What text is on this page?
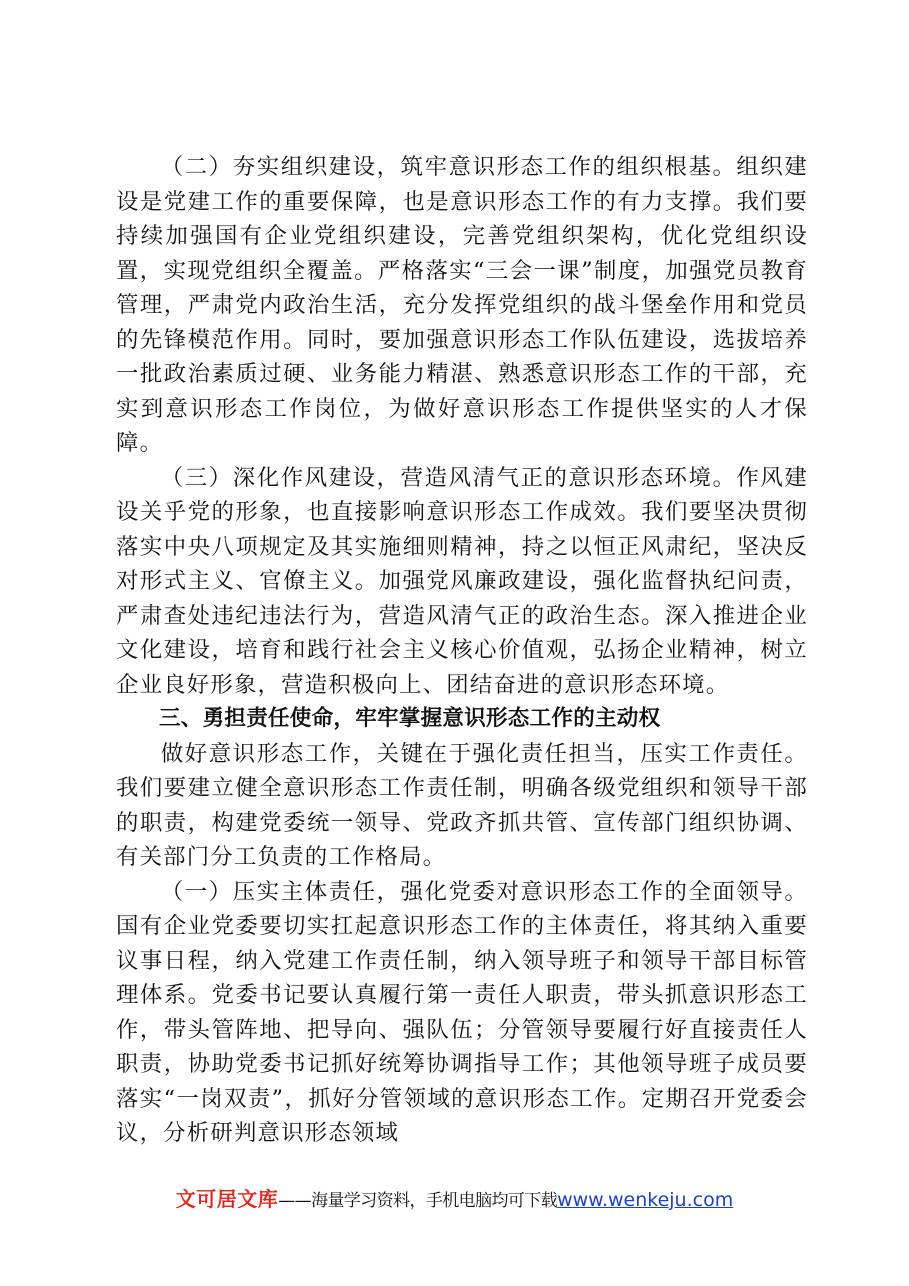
（二）夯实组织建设，筑牢意识形态工作的组织根基。组织建设是党建工作的重要保障，也是意识形态工作的有力支撑。我们要持续加强国有企业党组织建设，完善党组织架构，优化党组织设置，实现党组织全覆盖。严格落实“三会一课”制度，加强党员教育管理，严肃党内政治生活，充分发挥党组织的战斗堡垒作用和党员的先锋模范作用。同时，要加强意识形态工作队伍建设，选拔培养一批政治素质过硬、业务能力精湛、熟悉意识形态工作的干部，充实到意识形态工作岗位，为做好意识形态工作提供坚实的人才保障。

（三）深化作风建设，营造风清气正的意识形态环境。作风建设关乎党的形象，也直接影响意识形态工作成效。我们要坚决贯彻落实中央八项规定及其实施细则精神，持之以恒正风肃纪，坚决反对形式主义、官僚主义。加强党风廉政建设，强化监督执纪问责，严肃查处违纪违法行为，营造风清气正的政治生态。深入推进企业文化建设，培育和践行社会主义核心价值观，弘扬企业精神，树立企业良好形象，营造积极向上、团结奋进的意识形态环境。

三、勇担责任使命，牢牢掌握意识形态工作的主动权

做好意识形态工作，关键在于强化责任担当，压实工作责任。我们要建立健全意识形态工作责任制，明确各级党组织和领导干部的职责，构建党委统一领导、党政齐抓共管、宣传部门组织协调、有关部门分工负责的工作格局。

（一）压实主体责任，强化党委对意识形态工作的全面领导。国有企业党委要切实扛起意识形态工作的主体责任，将其纳入重要议事日程，纳入党建工作责任制，纳入领导班子和领导干部目标管理体系。党委书记要认真履行第一责任人职责，带头抓意识形态工作，带头管阵地、把导向、强队伍；分管领导要履行好直接责任人职责，协助党委书记抓好统筹协调指导工作；其他领导班子成员要落实“一岗双责”，抓好分管领域的意识形态工作。定期召开党委会议，分析研判意识形态领域

文可居文库——海量学习资料，手机电脑均可下载www.wenkeju.com
